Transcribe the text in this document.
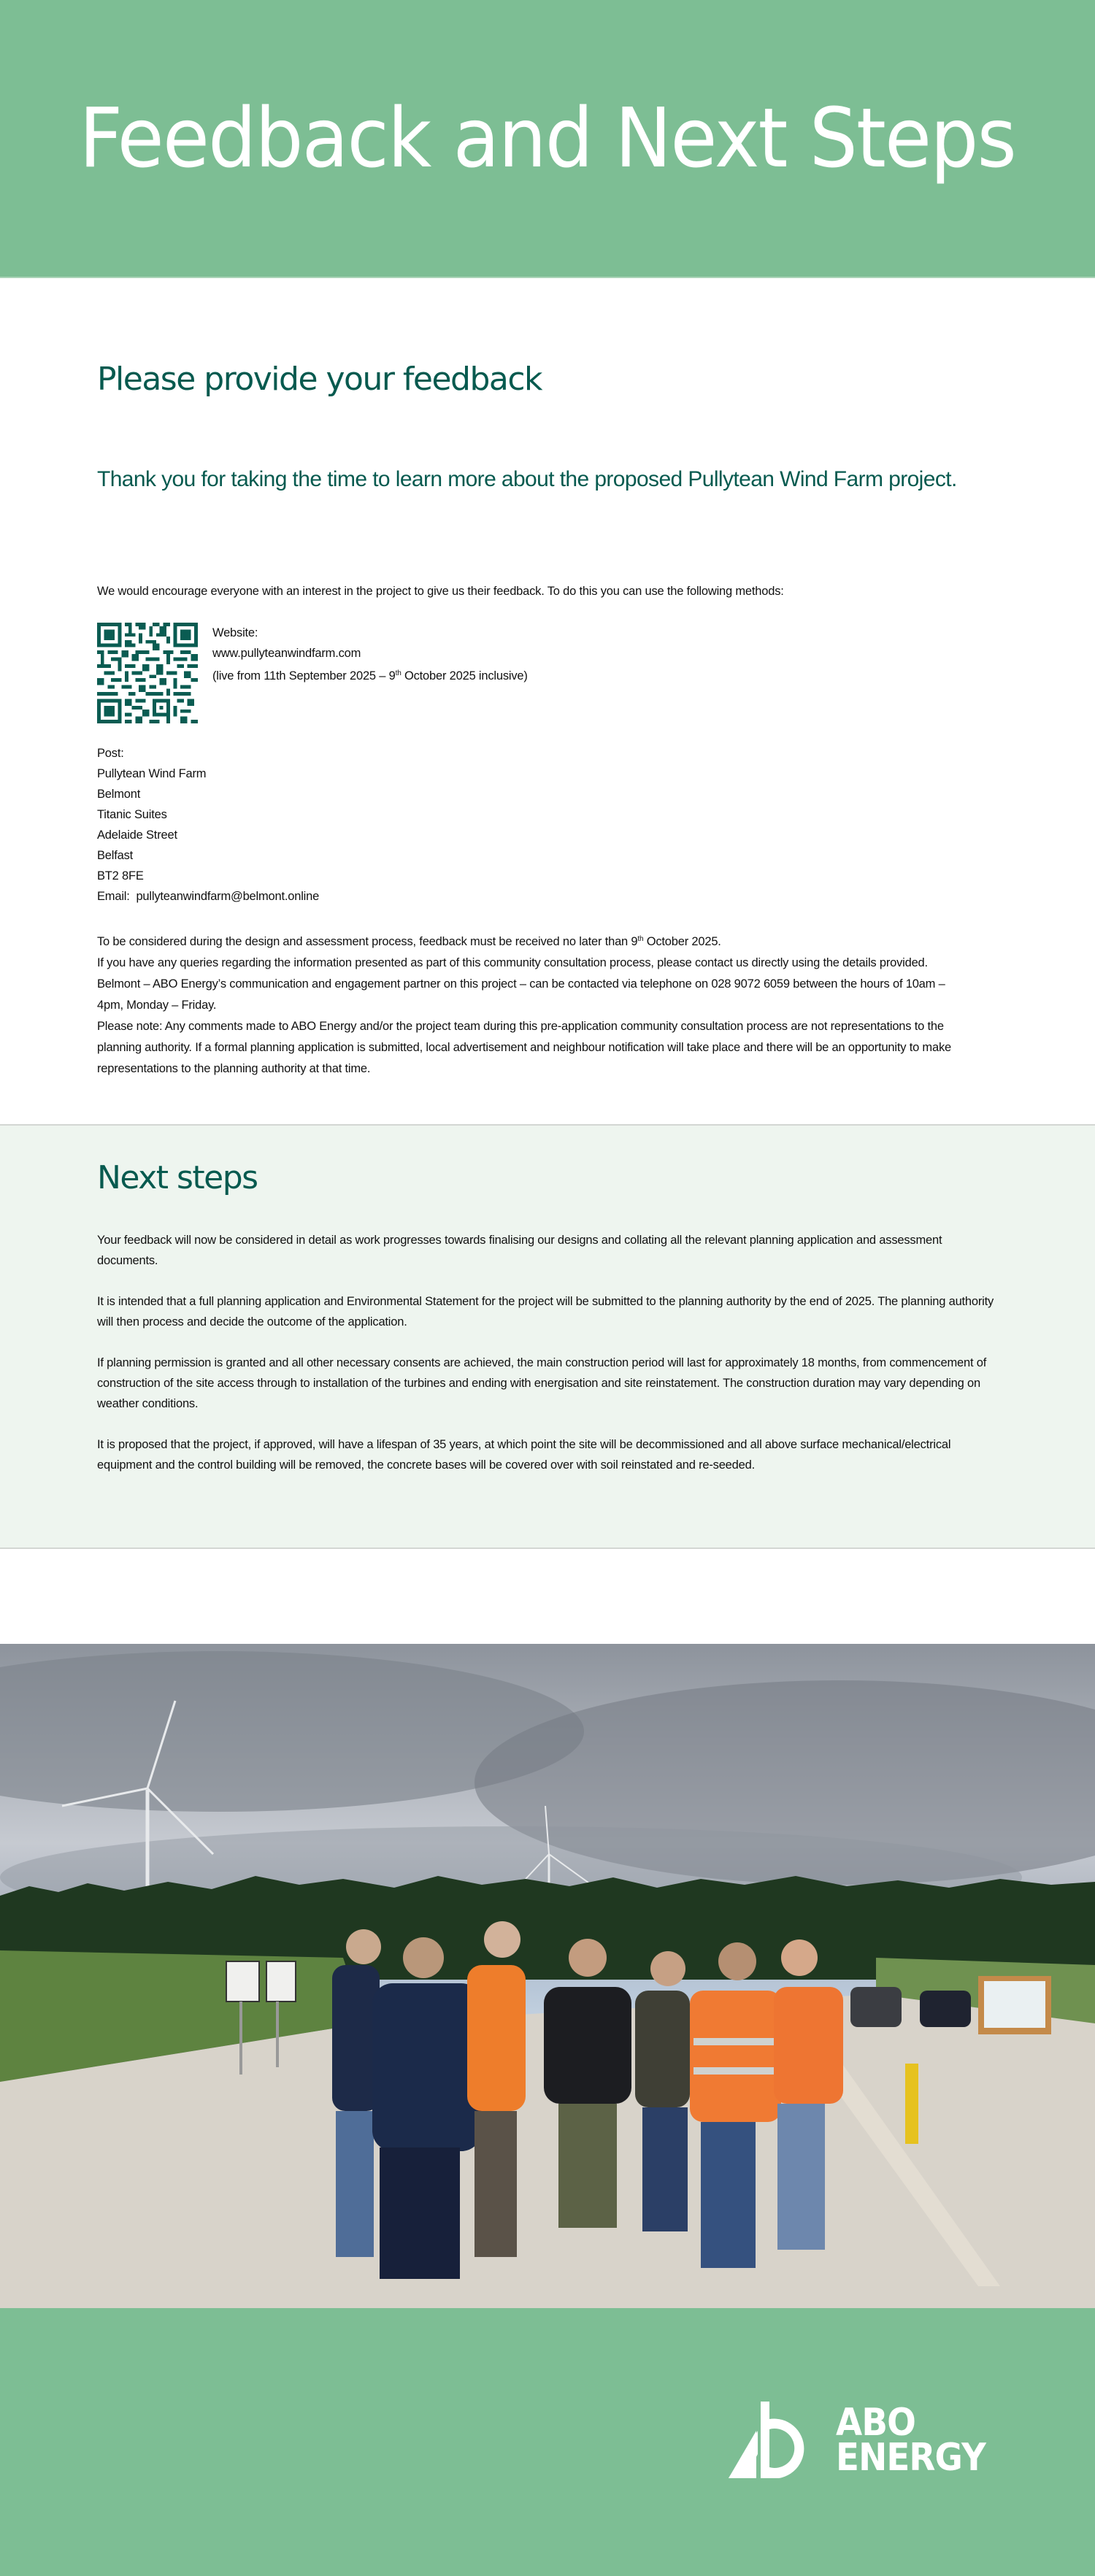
Feedback and Next Steps
Please provide your feedback

Thank you for taking the time to learn more about the proposed Pullytean Wind Farm project.

We would encourage everyone with an interest in the project to give us their feedback. To do this you can use the following methods:

Website:
www.pullyteanwindfarm.com
(live from 11th September 2025 – 9th October 2025 inclusive)
Post:
Pullytean Wind Farm
Belmont
Titanic Suites
Adelaide Street
Belfast
BT2 8FE
Email: pullyteanwindfarm@belmont.online

To be considered during the design and assessment process, feedback must be received no later than 9th October 2025.

If you have any queries regarding the information presented as part of this community consultation process, please contact us directly using the details provided. Belmont – ABO Energy’s communication and engagement partner on this project – can be contacted via telephone on 028 9072 6059 between the hours of 10am – 4pm, Monday – Friday.

Please note: Any comments made to ABO Energy and/or the project team during this pre-application community consultation process are not representations to the planning authority. If a formal planning application is submitted, local advertisement and neighbour notification will take place and there will be an opportunity to make representations to the planning authority at that time.

Next steps

Your feedback will now be considered in detail as work progresses towards finalising our designs and collating all the relevant planning application and assessment documents.

It is intended that a full planning application and Environmental Statement for the project will be submitted to the planning authority by the end of 2025. The planning authority will then process and decide the outcome of the application.

If planning permission is granted and all other necessary consents are achieved, the main construction period will last for approximately 18 months, from commencement of construction of the site access through to installation of the turbines and ending with energisation and site reinstatement. The construction duration may vary depending on weather conditions.

It is proposed that the project, if approved, will have a lifespan of 35 years, at which point the site will be decommissioned and all above surface mechanical/electrical equipment and the control building will be removed, the concrete bases will be covered over with soil reinstated and re-seeded.

ABO
ENERGY
